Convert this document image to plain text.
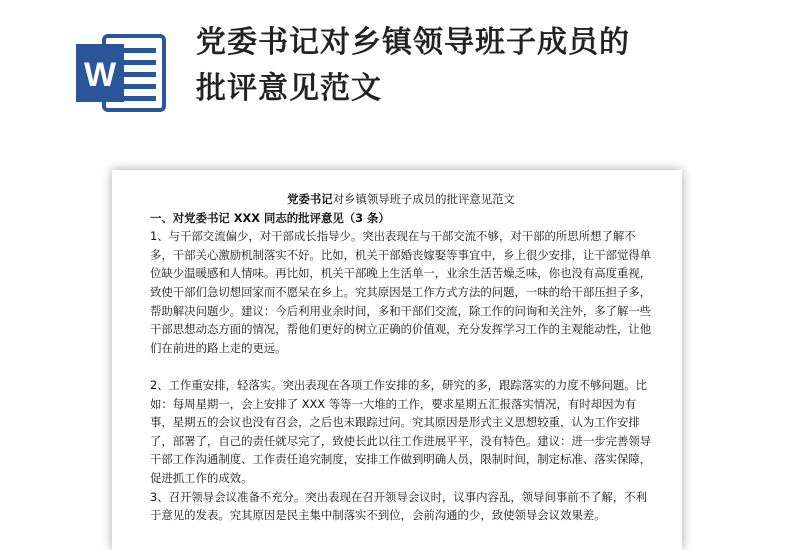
W
党委书记对乡镇领导班子成员的
批评意见范文

党委书记对乡镇领导班子成员的批评意见范文

一、对党委书记 XXX 同志的批评意见（3 条）

1、与干部交流偏少，对干部成长指导少。突出表现在与干部交流不够，对干部的所思所想了解不多，干部关心激励机制落实不好。比如，机关干部婚丧嫁娶等事宜中，乡上很少安排，让干部觉得单位缺少温暖感和人情味。再比如，机关干部晚上生活单一，业余生活苦燥乏味，你也没有高度重视，致使干部们急切想回家而不愿呆在乡上。究其原因是工作方式方法的问题，一味的给干部压担子多，帮助解决问题少。建议：今后利用业余时间，多和干部们交流，除工作的问询和关注外，多了解一些干部思想动态方面的情况，帮他们更好的树立正确的价值观，充分发挥学习工作的主观能动性，让他们在前进的路上走的更远。

2、工作重安排，轻落实。突出表现在各项工作安排的多，研究的多，跟踪落实的力度不够问题。比如：每周星期一，会上安排了 XXX 等等一大堆的工作，要求星期五汇报落实情况，有时却因为有事，星期五的会议也没有召会，之后也未跟踪过问。究其原因是形式主义思想较重，认为工作安排了，部署了，自己的责任就尽完了，致使长此以往工作进展平平，没有特色。建议：进一步完善领导干部工作沟通制度、工作责任追究制度，安排工作做到明确人员，限制时间，制定标准、落实保障，促进抓工作的成效。

3、召开领导会议准备不充分。突出表现在召开领导会议时，议事内容乱，领导间事前不了解，不利于意见的发表。究其原因是民主集中制落实不到位，会前沟通的少，致使领导会议效果差。
